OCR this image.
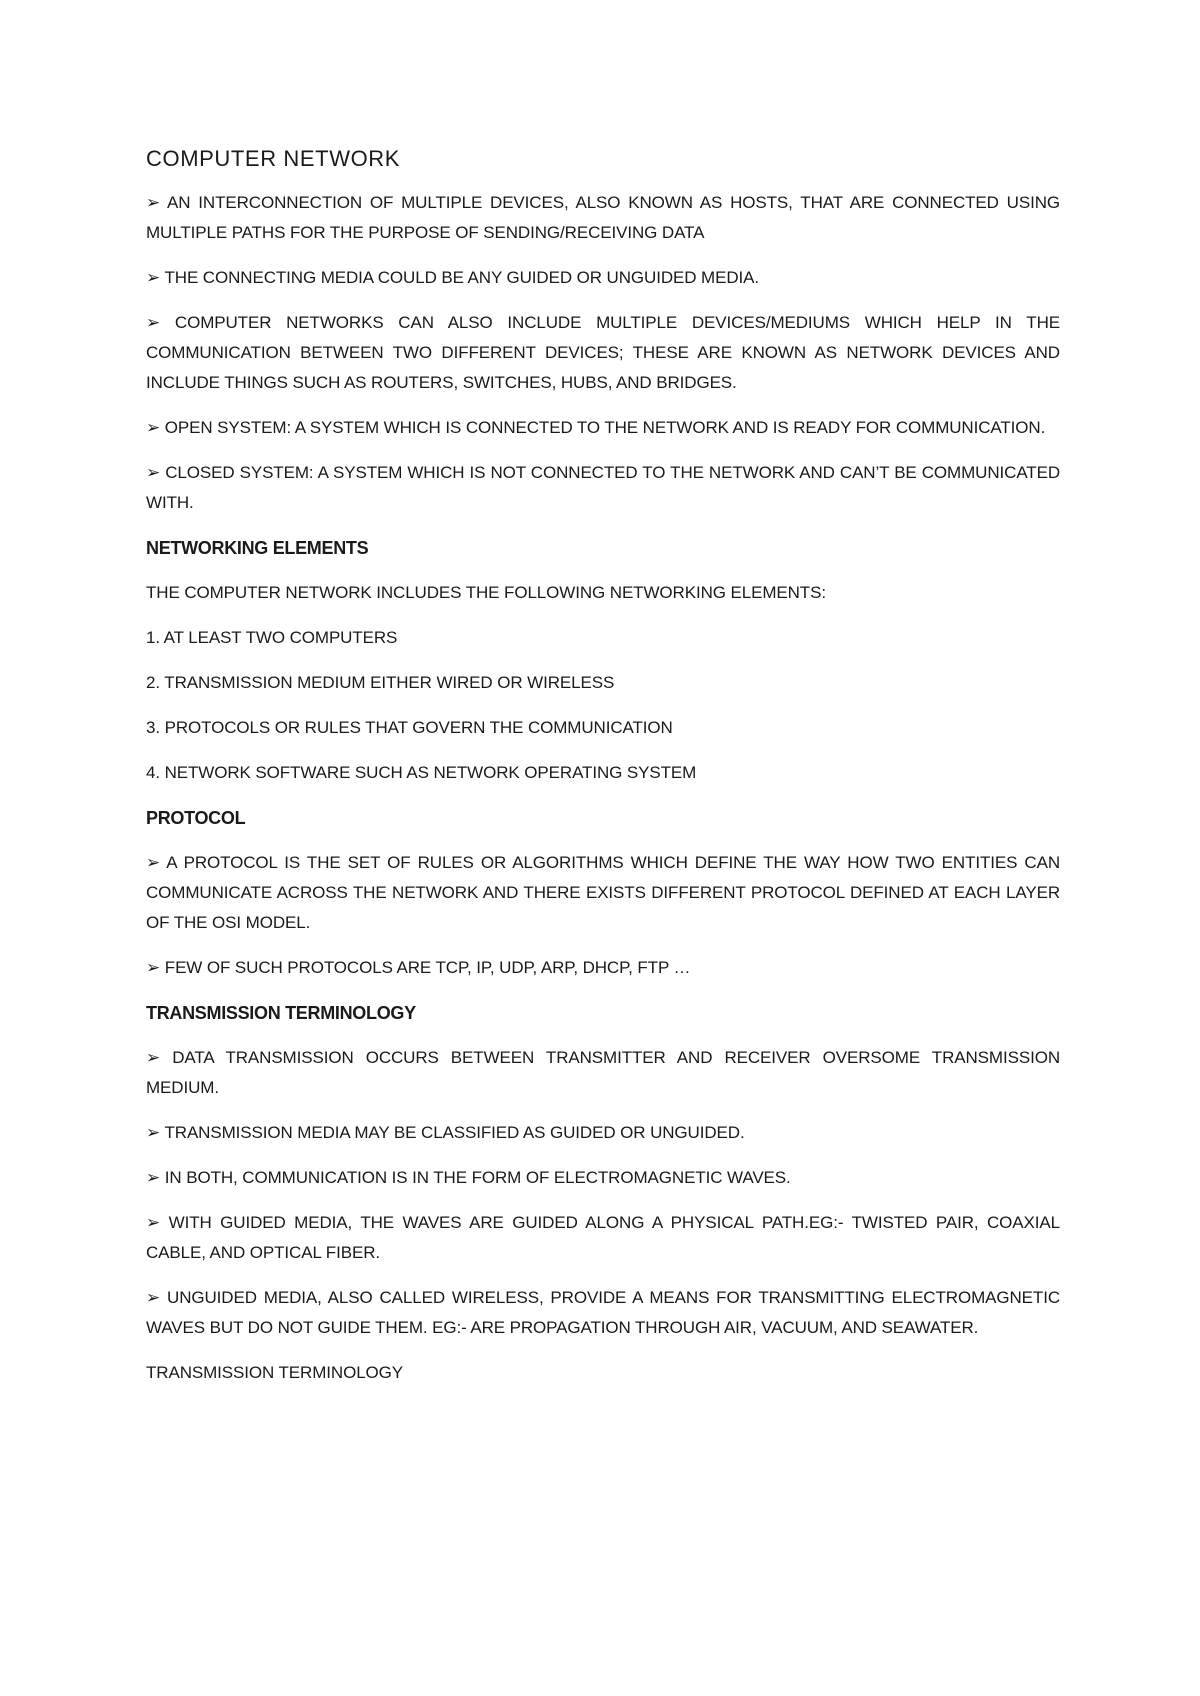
COMPUTER NETWORK
➢ AN INTERCONNECTION OF MULTIPLE DEVICES, ALSO KNOWN AS HOSTS, THAT ARE CONNECTED USING MULTIPLE PATHS FOR THE PURPOSE OF SENDING/RECEIVING DATA
➢ THE CONNECTING MEDIA COULD BE ANY GUIDED OR UNGUIDED MEDIA.
➢ COMPUTER NETWORKS CAN ALSO INCLUDE MULTIPLE DEVICES/MEDIUMS WHICH HELP IN THE COMMUNICATION BETWEEN TWO DIFFERENT DEVICES; THESE ARE KNOWN AS NETWORK DEVICES AND INCLUDE THINGS SUCH AS ROUTERS, SWITCHES, HUBS, AND BRIDGES.
➢ OPEN SYSTEM: A SYSTEM WHICH IS CONNECTED TO THE NETWORK AND IS READY FOR COMMUNICATION.
➢ CLOSED SYSTEM: A SYSTEM WHICH IS NOT CONNECTED TO THE NETWORK AND CAN’T BE COMMUNICATED WITH.
NETWORKING ELEMENTS
THE COMPUTER NETWORK INCLUDES THE FOLLOWING NETWORKING ELEMENTS:
1. AT LEAST TWO COMPUTERS
2. TRANSMISSION MEDIUM EITHER WIRED OR WIRELESS
3. PROTOCOLS OR RULES THAT GOVERN THE COMMUNICATION
4. NETWORK SOFTWARE SUCH AS NETWORK OPERATING SYSTEM
PROTOCOL
➢ A PROTOCOL IS THE SET OF RULES OR ALGORITHMS WHICH DEFINE THE WAY HOW TWO ENTITIES CAN COMMUNICATE ACROSS THE NETWORK AND THERE EXISTS DIFFERENT PROTOCOL DEFINED AT EACH LAYER OF THE OSI MODEL.
➢ FEW OF SUCH PROTOCOLS ARE TCP, IP, UDP, ARP, DHCP, FTP …
TRANSMISSION TERMINOLOGY
➢ DATA TRANSMISSION OCCURS BETWEEN TRANSMITTER AND RECEIVER OVERSOME TRANSMISSION MEDIUM.
➢ TRANSMISSION MEDIA MAY BE CLASSIFIED AS GUIDED OR UNGUIDED.
➢ IN BOTH, COMMUNICATION IS IN THE FORM OF ELECTROMAGNETIC WAVES.
➢ WITH GUIDED MEDIA, THE WAVES ARE GUIDED ALONG A PHYSICAL PATH.EG:- TWISTED PAIR, COAXIAL CABLE, AND OPTICAL FIBER.
➢ UNGUIDED MEDIA, ALSO CALLED WIRELESS, PROVIDE A MEANS FOR TRANSMITTING ELECTROMAGNETIC WAVES BUT DO NOT GUIDE THEM. EG:- ARE PROPAGATION THROUGH AIR, VACUUM, AND SEAWATER.
TRANSMISSION TERMINOLOGY
